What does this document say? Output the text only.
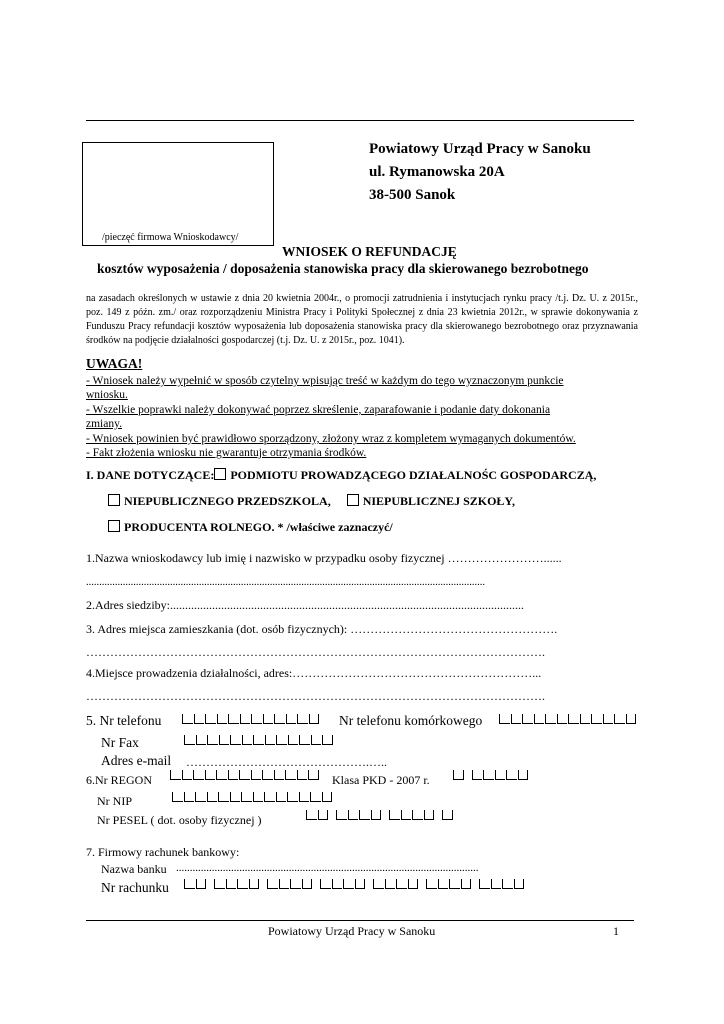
/pieczęć firmowa Wnioskodawcy/
Powiatowy Urząd Pracy w Sanoku
ul. Rymanowska 20A
38-500 Sanok
WNIOSEK O REFUNDACJĘ
kosztów wyposażenia / doposażenia stanowiska pracy dla skierowanego bezrobotnego
na zasadach określonych w ustawie z dnia 20 kwietnia 2004r., o promocji zatrudnienia i instytucjach rynku pracy /t.j. Dz. U. z 2015r., poz. 149 z późn. zm./ oraz rozporządzeniu Ministra Pracy i Polityki Społecznej z dnia 23 kwietnia 2012r., w sprawie dokonywania z Funduszu Pracy refundacji kosztów wyposażenia lub doposażenia stanowiska pracy dla skierowanego bezrobotnego oraz przyznawania środków na podjęcie działalności gospodarczej (t.j. Dz. U. z 2015r., poz. 1041).
UWAGA!
- Wniosek należy wypełnić w sposób czytelny wpisując treść w każdym do tego wyznaczonym punkcie
wniosku.
- Wszelkie poprawki należy dokonywać poprzez skreślenie, zaparafowanie i podanie daty dokonania
zmiany.
- Wniosek powinien być prawidłowo sporządzony, złożony wraz z kompletem wymaganych dokumentów.
- Fakt złożenia wniosku nie gwarantuje otrzymania środków.
I. DANE DOTYCZĄCE: PODMIOTU PROWADZĄCEGO DZIAŁALNOŚC GOSPODARCZĄ,
NIEPUBLICZNEGO PRZEDSZKOLA,	NIEPUBLICZNEJ SZKOŁY,
PRODUCENTA ROLNEGO. * /właściwe zaznaczyć/
1.Nazwa wnioskodawcy lub imię i nazwisko w przypadku osoby fizycznej ……………………......
........................................................................................................................................................
2.Adres siedziby:......................................................................................................................
3. Adres miejsca zamieszkania (dot. osób fizycznych): …………………………………………….
…………………………………………………………………………………………………….
4.Miejsce prowadzenia działalności, adres:……………………………………………………...
…………………………………………………………………………………………………….
5. Nr telefonu	Nr telefonu komórkowego
Nr Fax
Adres e-mail ……………………………………….…..
6.Nr REGON	Klasa PKD - 2007 r.
Nr NIP
Nr PESEL ( dot. osoby fizycznej )
7. Firmowy rachunek bankowy:
Nazwa banku ..............................................................................................................
Nr rachunku
Powiatowy Urząd Pracy w Sanoku	1
